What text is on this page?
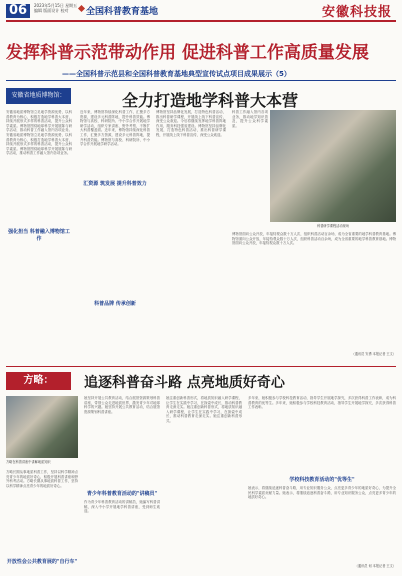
06	2023年5月15日 星期五
编辑 版面设计 校对	全国科普教育基地	安徽科技报
发挥科普示范带动作用 促进科普工作高质量发展
——全国科普示范县和全国科普教育基地典型宣传试点项目成果展示（5）
安徽省地质博物馆：	全力打造地学科普大本营
安徽省地质博物馆立足地学资源优势，以科普教育为核心，积极打造地学科普大本营，持续开展形式多样的科普活动，提升公众科学素质。博物馆围绕地球科学开展展陈与研学活动，推动科普工作融入馆内各项业务。安徽省地质博物馆立足地学资源优势，以科普教育为核心，积极打造地学科普大本营，持续开展形式多样的科普活动，提升公众科学素质。博物馆围绕地球科学开展展陈与研学活动，推动科普工作融入馆内各项业务。
强化担当 科普融入博物馆工作
近年来，博物馆持续深化科普工作，汇聚多方资源，建设多元科普阵地，提升科普效能。博物馆与高校、科研院所、中小学合作开展地学研学活动，组织专家讲座、野外考察，不断扩大科普覆盖面。近年来，博物馆持续深化科普工作，汇聚多方资源，建设多元科普阵地，提升科普效能。博物馆与高校、科研院所、中小学合作开展地学研学活动。
汇资源 筑发展 提升科普效力
科普品牌 传承创新
博物馆坚持品牌化发展，打造特色科普活动，推出科普研学课程，开展线上线下科普宣传，深受公众欢迎。今后将继续发挥地学科普阵地作用，服务科技强省建设。博物馆坚持品牌化发展，打造特色科普活动，推出科普研学课程，开展线上线下科普宣传，深受公众欢迎。
科普工作融入馆内各项业务，推动地学知识普及，提升公众科学素质。
科普研学课程活动现场
博物馆面向公众开放，年接待观众数十万人次，组织科普活动百余场，成为全省重要的地学科普教育基地。博物馆面向公众开放，年接待观众数十万人次，组织科普活动百余场，成为全省重要的地学科普教育基地。博物馆面向公众开放，年接待观众数十万人次。
（通讯员 安勇 本报记者 王文）
方略：	追逐科普奋斗路 点亮地质好奇心
方略在科普讲座中讲解地质知识
方略长期从事地质科普工作，坚持以科学精神点亮青少年的地质好奇心，积极开展科普讲座和野外科考活动。方略长期从事地质科普工作，坚持以科学精神点亮青少年的地质好奇心。
开放性会公共教育展的"自行车"
她坚持开展公共教育活动，结合展馆资源策划科普讲座，带领公众走进地质世界，激发青少年对地球科学的兴趣。她坚持开展公共教育活动，结合展馆资源策划科普讲座。
青少年科普教育活动的"讲稿员"
作为青少年科普教育活动的讲稿员，她编写科普讲稿，深入中小学开展地学科普讲座，受到师生欢迎。
她注重创新科普形式，将地质知识融入研学课程，让学生在实践中学习，在探索中成长，推动科普教育走深走实。她注重创新科普形式，将地质知识融入研学课程，让学生在实践中学习，在探索中成长，推动科普教育走深走实。她注重创新科普形式。
多年来，她积极参与学校科技教育活动，指导学生开展地学探究，多次获得科普工作表彰，成为科普教育的优等生。多年来，她积极参与学校科技教育活动，指导学生开展地学探究，多次获得科普工作表彰。
学校科技教育活动的"优等生"
她表示，将继续追逐科普奋斗路，用专业知识服务公众，点亮更多青少年的地质好奇心，为提升全民科学素质贡献力量。她表示，将继续追逐科普奋斗路，用专业知识服务公众，点亮更多青少年的地质好奇心。
（通讯员 何 本报记者 王文）
